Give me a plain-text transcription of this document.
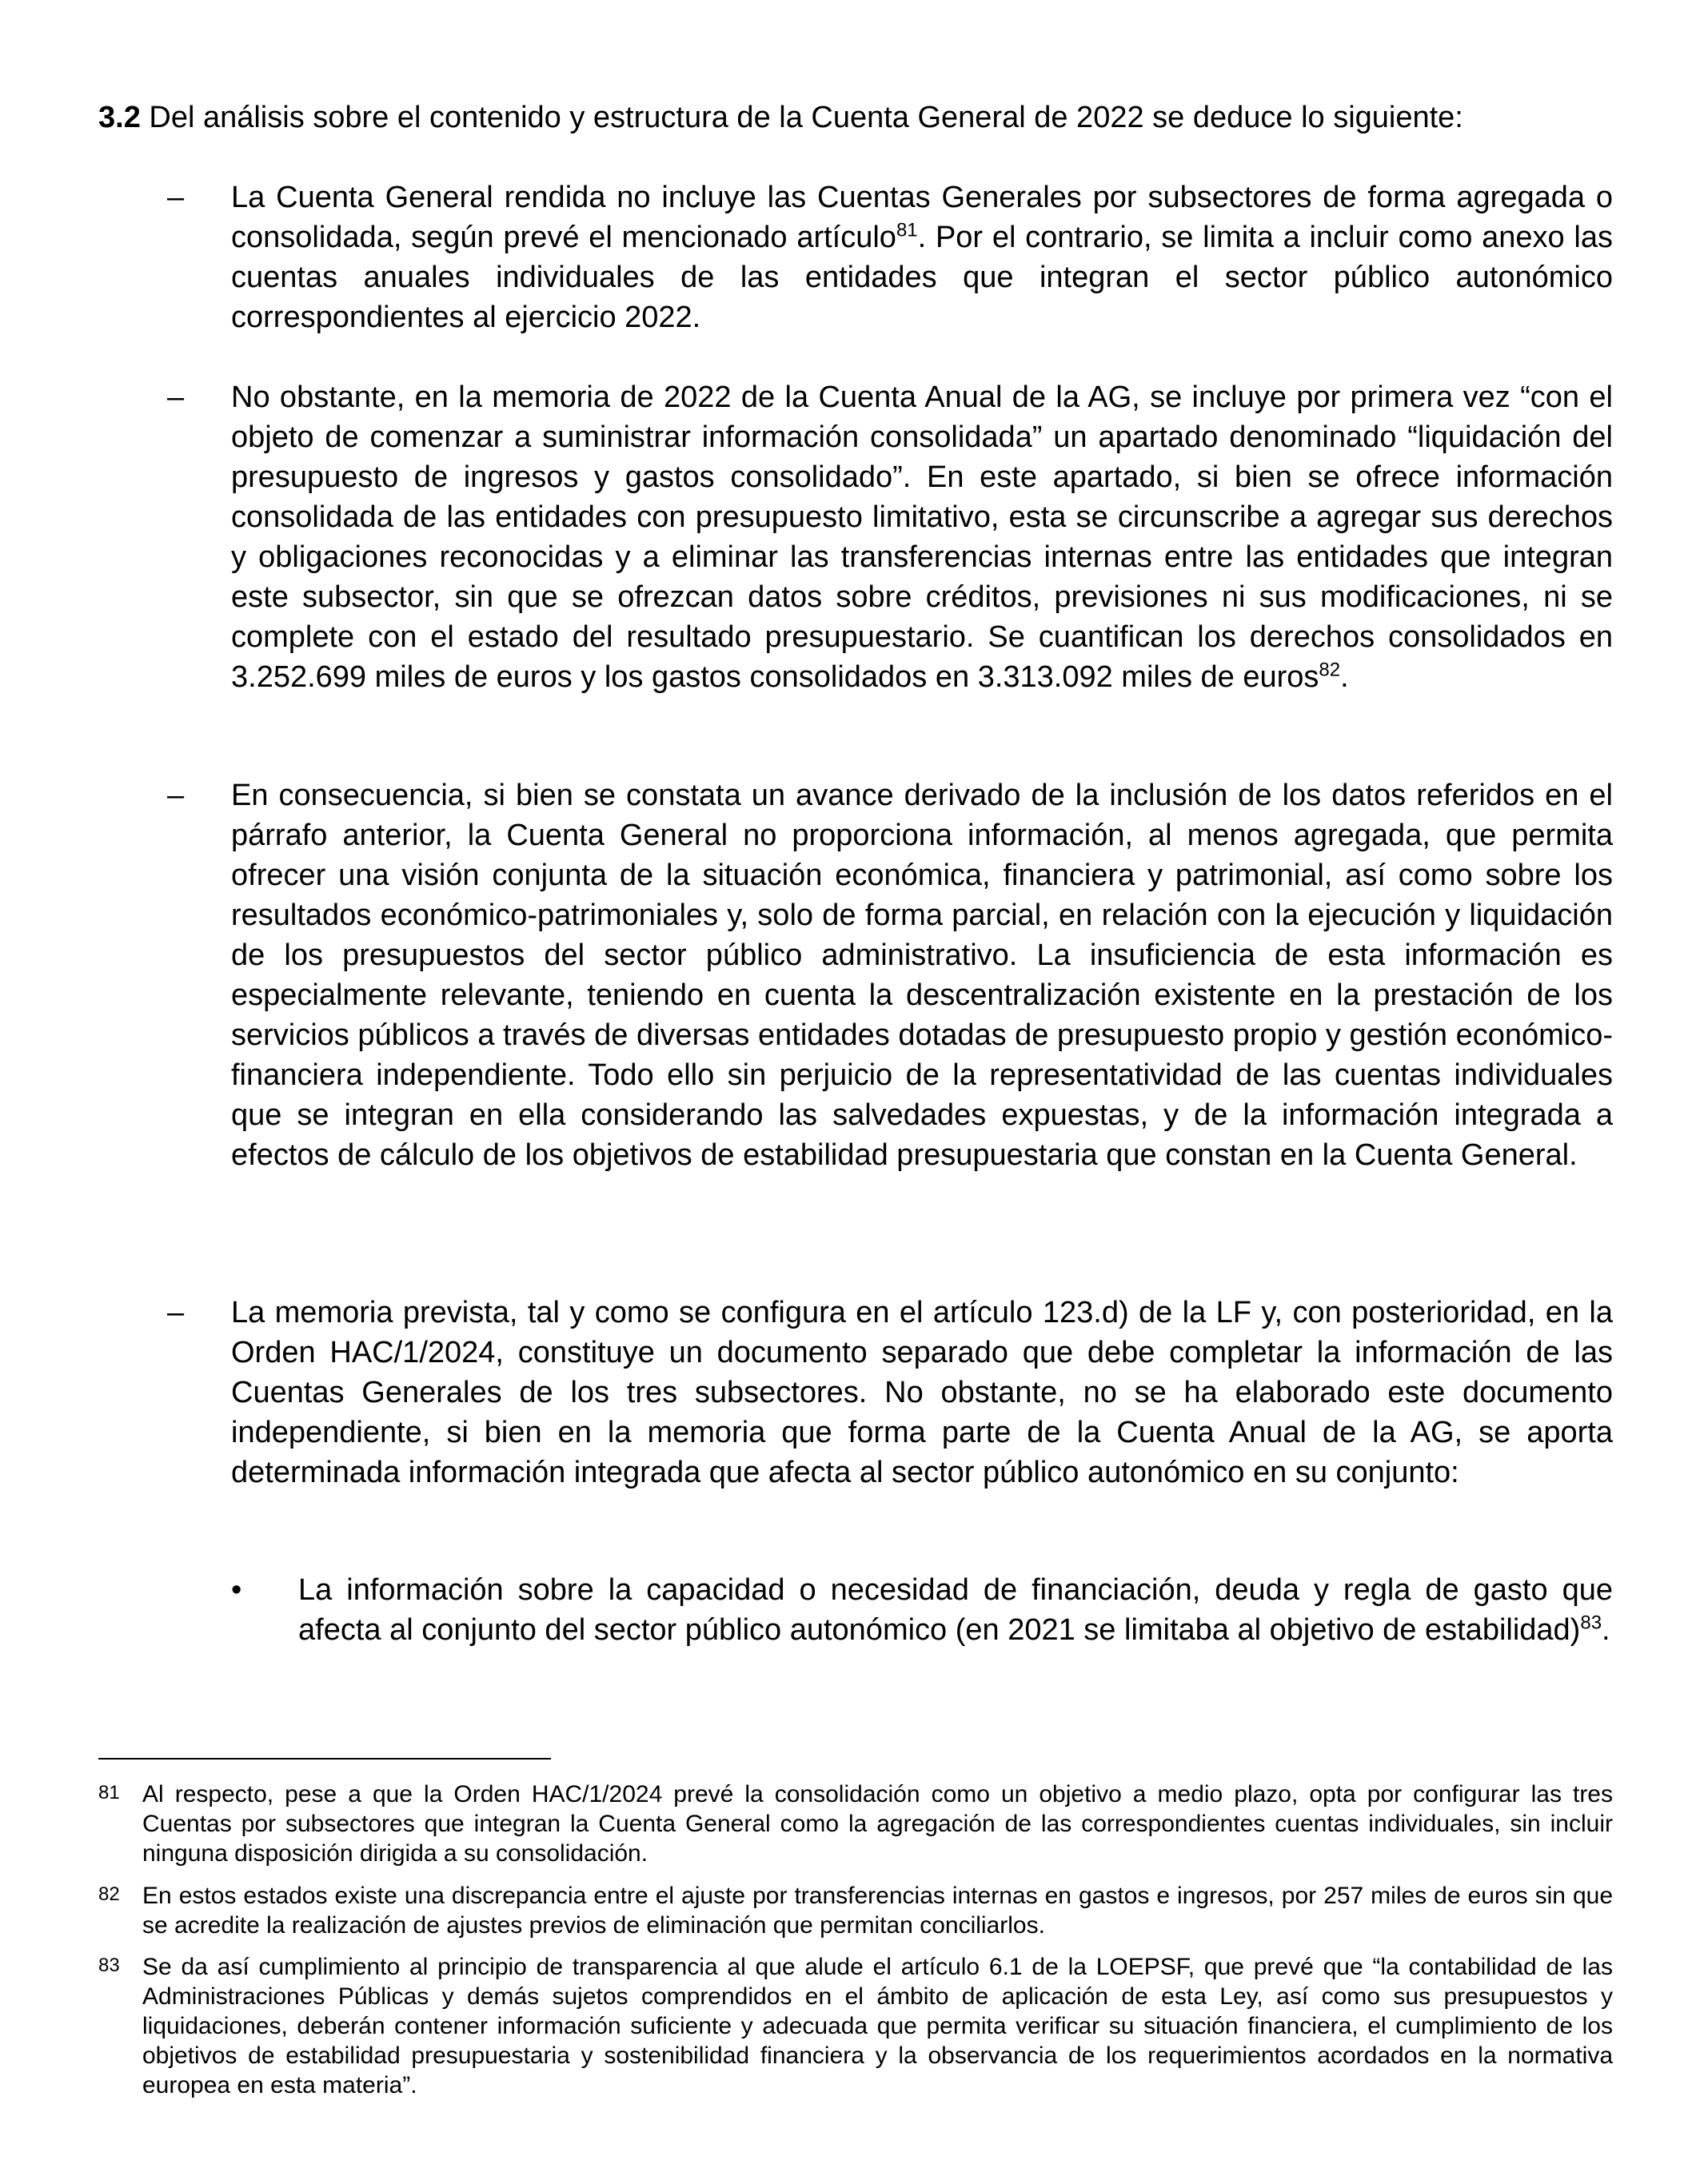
3.2 Del análisis sobre el contenido y estructura de la Cuenta General de 2022 se deduce lo siguiente:
–	La Cuenta General rendida no incluye las Cuentas Generales por subsectores de forma agregada o consolidada, según prevé el mencionado artículo$^{81}$. Por el contrario, se limita a incluir como anexo las cuentas anuales individuales de las entidades que integran el sector público autonómico correspondientes al ejercicio 2022.
–	No obstante, en la memoria de 2022 de la Cuenta Anual de la AG, se incluye por primera vez “con el objeto de comenzar a suministrar información consolidada” un apartado denominado “liquidación del presupuesto de ingresos y gastos consolidado”. En este apartado, si bien se ofrece información consolidada de las entidades con presupuesto limitativo, esta se circunscribe a agregar sus derechos y obligaciones reconocidas y a eliminar las transferencias internas entre las entidades que integran este subsector, sin que se ofrezcan datos sobre créditos, previsiones ni sus modificaciones, ni se complete con el estado del resultado presupuestario. Se cuantifican los derechos consolidados en 3.252.699 miles de euros y los gastos consolidados en 3.313.092 miles de euros$^{82}$.
–	En consecuencia, si bien se constata un avance derivado de la inclusión de los datos referidos en el párrafo anterior, la Cuenta General no proporciona información, al menos agregada, que permita ofrecer una visión conjunta de la situación económica, financiera y patrimonial, así como sobre los resultados económico-patrimoniales y, solo de forma parcial, en relación con la ejecución y liquidación de los presupuestos del sector público administrativo. La insuficiencia de esta información es especialmente relevante, teniendo en cuenta la descentralización existente en la prestación de los servicios públicos a través de diversas entidades dotadas de presupuesto propio y gestión económico-financiera independiente. Todo ello sin perjuicio de la representatividad de las cuentas individuales que se integran en ella considerando las salvedades expuestas, y de la información integrada a efectos de cálculo de los objetivos de estabilidad presupuestaria que constan en la Cuenta General.
–	La memoria prevista, tal y como se configura en el artículo 123.d) de la LF y, con posterioridad, en la Orden HAC/1/2024, constituye un documento separado que debe completar la información de las Cuentas Generales de los tres subsectores. No obstante, no se ha elaborado este documento independiente, si bien en la memoria que forma parte de la Cuenta Anual de la AG, se aporta determinada información integrada que afecta al sector público autonómico en su conjunto:
• La información sobre la capacidad o necesidad de financiación, deuda y regla de gasto que afecta al conjunto del sector público autonómico (en 2021 se limitaba al objetivo de estabilidad)$^{83}$.
81 Al respecto, pese a que la Orden HAC/1/2024 prevé la consolidación como un objetivo a medio plazo, opta por configurar las tres Cuentas por subsectores que integran la Cuenta General como la agregación de las correspondientes cuentas individuales, sin incluir ninguna disposición dirigida a su consolidación.
82 En estos estados existe una discrepancia entre el ajuste por transferencias internas en gastos e ingresos, por 257 miles de euros sin que se acredite la realización de ajustes previos de eliminación que permitan conciliarlos.
83 Se da así cumplimiento al principio de transparencia al que alude el artículo 6.1 de la LOEPSF, que prevé que “la contabilidad de las Administraciones Públicas y demás sujetos comprendidos en el ámbito de aplicación de esta Ley, así como sus presupuestos y liquidaciones, deberán contener información suficiente y adecuada que permita verificar su situación financiera, el cumplimiento de los objetivos de estabilidad presupuestaria y sostenibilidad financiera y la observancia de los requerimientos acordados en la normativa europea en esta materia”.
